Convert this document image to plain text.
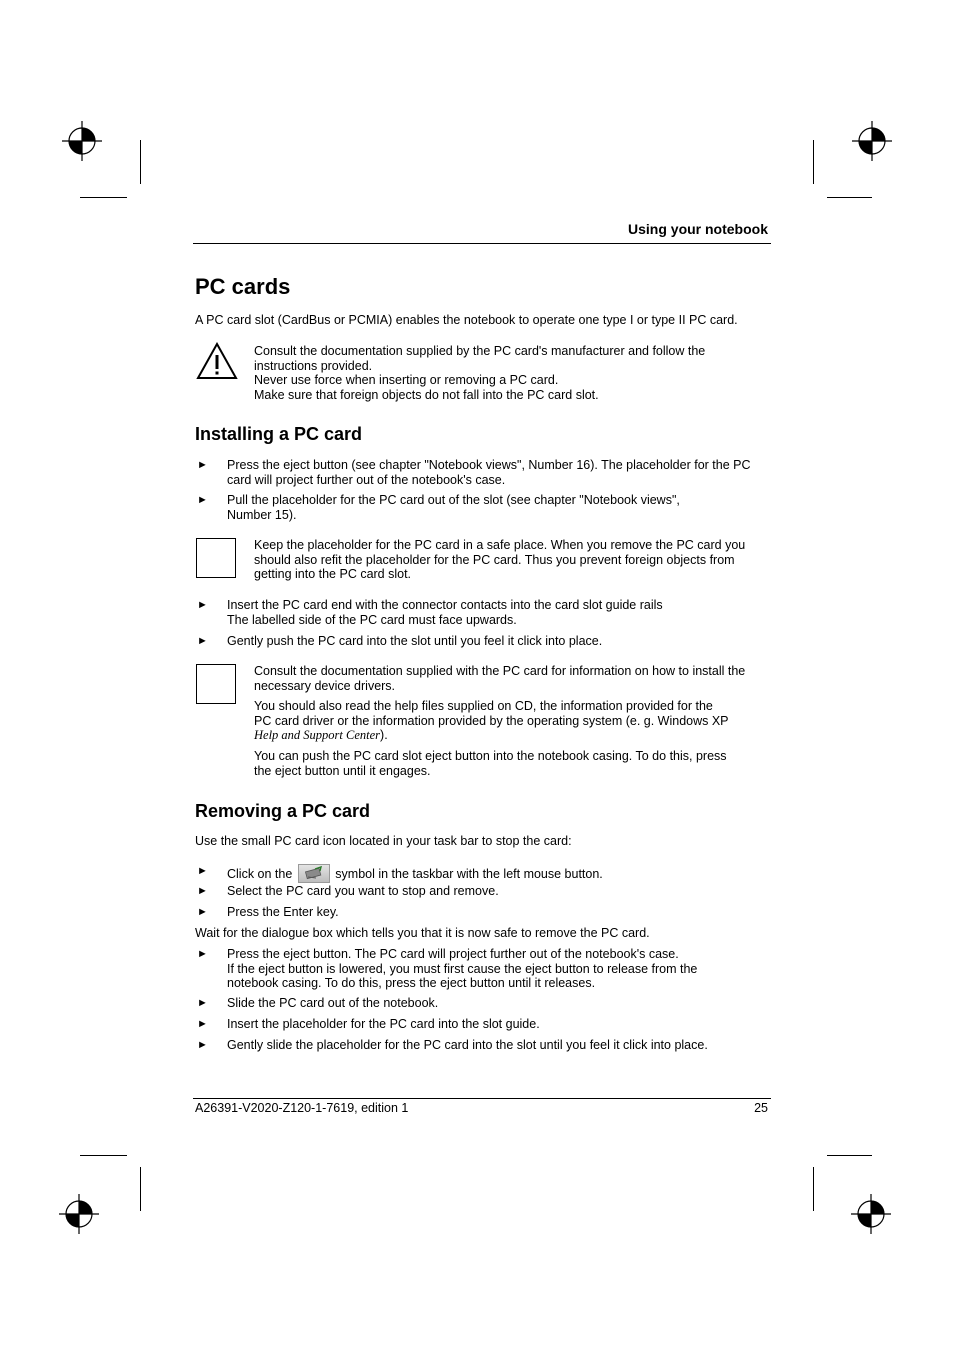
Using your notebook
PC cards
A PC card slot (CardBus or PCMIA) enables the notebook to operate one type I or type II PC card.
Consult the documentation supplied by the PC card's manufacturer and follow the
instructions provided.
Never use force when inserting or removing a PC card.
Make sure that foreign objects do not fall into the PC card slot.
Installing a PC card
► Press the eject button (see chapter "Notebook views", Number 16). The placeholder for the PC
card will project further out of the notebook's case.
► Pull the placeholder for the PC card out of the slot (see chapter "Notebook views",
Number 15).
Keep the placeholder for the PC card in a safe place. When you remove the PC card you
should also refit the placeholder for the PC card. Thus you prevent foreign objects from
getting into the PC card slot.
► Insert the PC card end with the connector contacts into the card slot guide rails
The labelled side of the PC card must face upwards.
► Gently push the PC card into the slot until you feel it click into place.
Consult the documentation supplied with the PC card for information on how to install the
necessary device drivers.
You should also read the help files supplied on CD, the information provided for the
PC card driver or the information provided by the operating system (e. g. Windows XP
Help and Support Center).
You can push the PC card slot eject button into the notebook casing. To do this, press
the eject button until it engages.
Removing a PC card
Use the small PC card icon located in your task bar to stop the card:
► Click on the	symbol in the taskbar with the left mouse button.
► Select the PC card you want to stop and remove.
► Press the Enter key.
Wait for the dialogue box which tells you that it is now safe to remove the PC card.
► Press the eject button. The PC card will project further out of the notebook's case.
If the eject button is lowered, you must first cause the eject button to release from the
notebook casing. To do this, press the eject button until it releases.
► Slide the PC card out of the notebook.
► Insert the placeholder for the PC card into the slot guide.
► Gently slide the placeholder for the PC card into the slot until you feel it click into place.
A26391-V2020-Z120-1-7619, edition 1	25
